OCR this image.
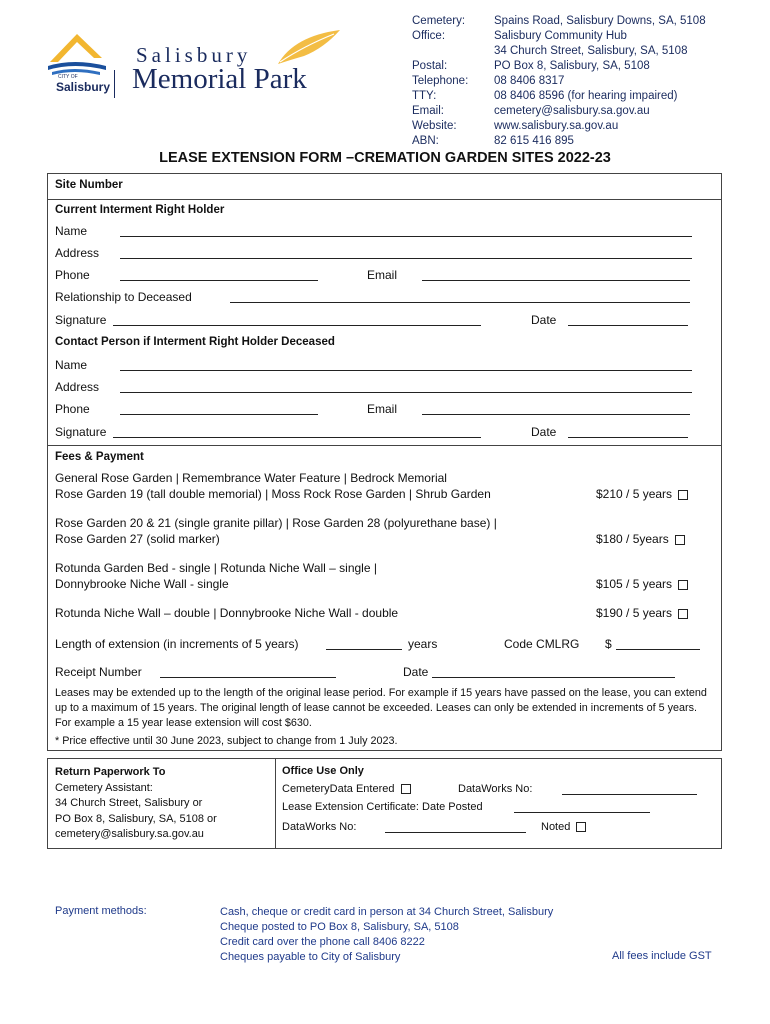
CITY OF
Salisbury
Salisbury
Memorial Park
Cemetery:	Spains Road, Salisbury Downs, SA, 5108
Office:	Salisbury Community Hub
34 Church Street, Salisbury, SA, 5108
Postal:	PO Box 8, Salisbury, SA, 5108
Telephone: 08 8406 8317
TTY:	08 8406 8596 (for hearing impaired)
Email:	cemetery@salisbury.sa.gov.au
Website:	www.salisbury.sa.gov.au
ABN:	82 615 416 895
LEASE EXTENSION FORM –CREMATION GARDEN SITES 2022-23
Site Number
Current Interment Right Holder
Name
Address
Phone	Email
Relationship to Deceased
Signature	Date
Contact Person if Interment Right Holder Deceased
Name
Address
Phone	Email
Signature	Date
Fees & Payment
General Rose Garden | Remembrance Water Feature | Bedrock Memorial
Rose Garden 19 (tall double memorial) | Moss Rock Rose Garden | Shrub Garden	$210 / 5 years
Rose Garden 20 & 21 (single granite pillar) | Rose Garden 28 (polyurethane base) |
Rose Garden 27 (solid marker)	$180 / 5years
Rotunda Garden Bed - single | Rotunda Niche Wall – single |
Donnybrooke Niche Wall - single	$105 / 5 years
Rotunda Niche Wall – double | Donnybrooke Niche Wall - double	$190 / 5 years
Length of extension (in increments of 5 years)	years	Code CMLRG $
Receipt Number	Date
Leases may be extended up to the length of the original lease period. For example if 15 years have passed on the lease, you can extend up to a maximum of 15 years. The original length of lease cannot be exceeded. Leases can only be extended in increments of 5 years. For example a 15 year lease extension will cost $630.
* Price effective until 30 June 2023, subject to change from 1 July 2023.
Return Paperwork To
Cemetery Assistant:
34 Church Street, Salisbury or
PO Box 8, Salisbury, SA, 5108 or
cemetery@salisbury.sa.gov.au
Office Use Only
CemeteryData Entered	DataWorks No:
Lease Extension Certificate: Date Posted
DataWorks No:	Noted
Payment methods:	Cash, cheque or credit card in person at 34 Church Street, Salisbury
Cheque posted to PO Box 8, Salisbury, SA, 5108
Credit card over the phone call 8406 8222
Cheques payable to City of Salisbury	All fees include GST
